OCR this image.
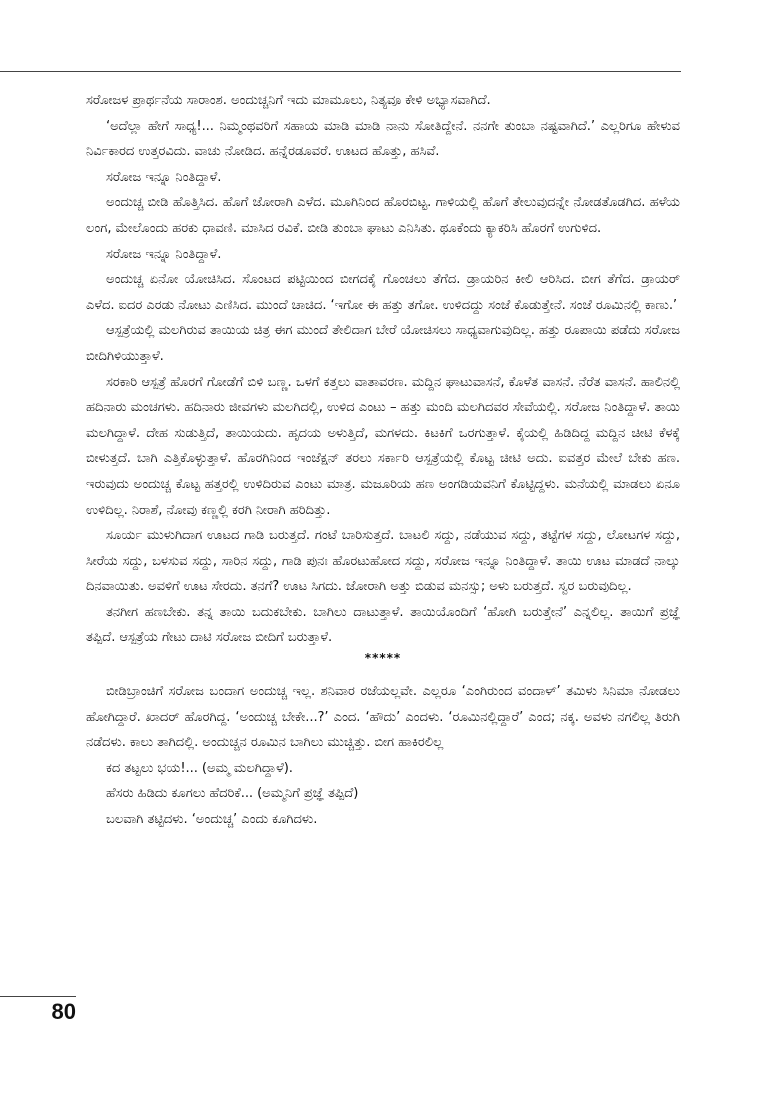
ಸರೋಜಳ ಪ್ರಾರ್ಥನೆಯ ಸಾರಾಂಶ. ಅಂದುಚ್ಚನಿಗೆ ಇದು ಮಾಮೂಲು, ನಿತ್ಯವೂ ಕೇಳಿ ಅಭ್ಯಾಸವಾಗಿದೆ.

‘ಅದೆಲ್ಲಾ ಹೇಗೆ ಸಾಧ್ಯ!... ನಿಮ್ಮಂಥವರಿಗೆ ಸಹಾಯ ಮಾಡಿ ಮಾಡಿ ನಾನು ಸೋತಿದ್ದೇನೆ. ನನಗೇ ತುಂಬಾ ನಷ್ಟವಾಗಿದೆ.’ ಎಲ್ಲರಿಗೂ ಹೇಳುವ ನಿರ್ವಿಕಾರದ ಉತ್ತರವಿದು. ವಾಚು ನೋಡಿದ. ಹನ್ನೆರಡೂವರೆ. ಊಟದ ಹೊತ್ತು, ಹಸಿವೆ.

ಸರೋಜ ಇನ್ನೂ ನಿಂತಿದ್ದಾಳೆ.

ಅಂದುಚ್ಚ ಬೀಡಿ ಹೊತ್ತಿಸಿದ. ಹೊಗೆ ಜೋರಾಗಿ ಎಳೆದ. ಮೂಗಿನಿಂದ ಹೊರಬಿಟ್ಟ. ಗಾಳಿಯಲ್ಲಿ ಹೊಗೆ ತೇಲುವುದನ್ನೇ ನೋಡತೊಡಗಿದ. ಹಳೆಯ ಲಂಗ, ಮೇಲೊಂದು ಹರಕು ಧಾವಣಿ. ಮಾಸಿದ ರವಿಕೆ. ಬೀಡಿ ತುಂಬಾ ಘಾಟು ಎನಿಸಿತು. ಥೂಕೆಂದು ಕ್ಯಾಕರಿಸಿ ಹೊರಗೆ ಉಗುಳಿದ.

ಸರೋಜ ಇನ್ನೂ ನಿಂತಿದ್ದಾಳೆ.

ಅಂದುಚ್ಚ ಏನೋ ಯೋಚಿಸಿದ. ಸೊಂಟದ ಪಟ್ಟಿಯಿಂದ ಬೀಗದಕೈ ಗೊಂಚಲು ತೆಗೆದ. ಡ್ರಾಯರಿನ ಕೀಲಿ ಆರಿಸಿದ. ಬೀಗ ತೆಗೆದ. ಡ್ರಾಯರ್ ಎಳೆದ. ಐದರ ಎರಡು ನೋಟು ಎಣಿಸಿದ. ಮುಂದೆ ಚಾಚಿದ. ‘ಇಗೋ ಈ ಹತ್ತು ತಗೋ. ಉಳಿದದ್ದು ಸಂಜೆ ಕೊಡುತ್ತೇನೆ. ಸಂಜೆ ರೂಮಿನಲ್ಲಿ ಕಾಣು.’

ಆಸ್ಪತ್ರೆಯಲ್ಲಿ ಮಲಗಿರುವ ತಾಯಿಯ ಚಿತ್ರ ಈಗ ಮುಂದೆ ತೇಲಿದಾಗ ಬೇರೆ ಯೋಚಿಸಲು ಸಾಧ್ಯವಾಗುವುದಿಲ್ಲ. ಹತ್ತು ರೂಪಾಯಿ ಪಡೆದು ಸರೋಜ ಬೀದಿಗಿಳಿಯುತ್ತಾಳೆ.

ಸರಕಾರಿ ಆಸ್ಪತ್ರೆ ಹೊರಗೆ ಗೋಡೆಗೆ ಬಿಳಿ ಬಣ್ಣ. ಒಳಗೆ ಕತ್ತಲು ವಾತಾವರಣ. ಮದ್ದಿನ ಘಾಟುವಾಸನೆ, ಕೊಳೆತ ವಾಸನೆ. ನೆರೆತ ವಾಸನೆ. ಹಾಲಿನಲ್ಲಿ ಹದಿನಾರು ಮಂಚಗಳು. ಹದಿನಾರು ಜೀವಗಳು ಮಲಗಿದಲ್ಲಿ, ಉಳಿದ ಎಂಟು – ಹತ್ತು ಮಂದಿ ಮಲಗಿದವರ ಸೇವೆಯಲ್ಲಿ. ಸರೋಜ ನಿಂತಿದ್ದಾಳೆ. ತಾಯಿ ಮಲಗಿದ್ದಾಳೆ. ದೇಹ ಸುಡುತ್ತಿದೆ, ತಾಯಿಯದು. ಹೃದಯ ಅಳುತ್ತಿದೆ, ಮಗಳದು. ಕಿಟಕಿಗೆ ಒರಗುತ್ತಾಳೆ. ಕೈಯಲ್ಲಿ ಹಿಡಿದಿದ್ದ ಮದ್ದಿನ ಚೀಟಿ ಕೆಳಕ್ಕೆ ಬೀಳುತ್ತದೆ. ಬಾಗಿ ಎತ್ತಿಕೊಳ್ಳುತ್ತಾಳೆ. ಹೊರಗಿನಿಂದ ಇಂಜೆಕ್ಷನ್ ತರಲು ಸರ್ಕಾರಿ ಆಸ್ಪತ್ರೆಯಲ್ಲಿ ಕೊಟ್ಟ ಚೀಟಿ ಅದು. ಐವತ್ತರ ಮೇಲೆ ಬೇಕು ಹಣ. ಇರುವುದು ಅಂದುಚ್ಚ ಕೊಟ್ಟ ಹತ್ತರಲ್ಲಿ ಉಳಿದಿರುವ ಎಂಟು ಮಾತ್ರ. ಮಜೂರಿಯ ಹಣ ಅಂಗಡಿಯವನಿಗೆ ಕೊಟ್ಟಿದ್ದಳು. ಮನೆಯಲ್ಲಿ ಮಾಡಲು ಏನೂ ಉಳಿದಿಲ್ಲ. ನಿರಾಶೆ, ನೋವು ಕಣ್ಣಲ್ಲಿ ಕರಗಿ ನೀರಾಗಿ ಹರಿದಿತ್ತು.

ಸೂರ್ಯ ಮುಳುಗಿದಾಗ ಊಟದ ಗಾಡಿ ಬರುತ್ತದೆ. ಗಂಟೆ ಬಾರಿಸುತ್ತದೆ. ಬಾಟಲಿ ಸದ್ದು, ನಡೆಯುವ ಸದ್ದು, ತಟ್ಟೆಗಳ ಸದ್ದು, ಲೋಟಗಳ ಸದ್ದು, ಸೀರೆಯ ಸದ್ದು, ಬಳಸುವ ಸದ್ದು, ಸಾರಿನ ಸದ್ದು, ಗಾಡಿ ಪುನಃ ಹೊರಟುಹೋದ ಸದ್ದು, ಸರೋಜ ಇನ್ನೂ ನಿಂತಿದ್ದಾಳೆ. ತಾಯಿ ಊಟ ಮಾಡದೆ ನಾಲ್ಕು ದಿನವಾಯಿತು. ಅವಳಿಗೆ ಊಟ ಸೇರದು. ತನಗೆ? ಊಟ ಸಿಗದು. ಜೋರಾಗಿ ಅತ್ತು ಬಿಡುವ ಮನಸ್ಸು; ಅಳು ಬರುತ್ತದೆ. ಸ್ವರ ಬರುವುದಿಲ್ಲ.

ತನಗೀಗ ಹಣಬೇಕು. ತನ್ನ ತಾಯಿ ಬದುಕಬೇಕು. ಬಾಗಿಲು ದಾಟುತ್ತಾಳೆ. ತಾಯಿಯೊಂದಿಗೆ ‘ಹೋಗಿ ಬರುತ್ತೇನೆ’ ಎನ್ನಲಿಲ್ಲ. ತಾಯಿಗೆ ಪ್ರಜ್ಞೆ ತಪ್ಪಿದೆ. ಆಸ್ಪತ್ರೆಯ ಗೇಟು ದಾಟಿ ಸರೋಜ ಬೀದಿಗೆ ಬರುತ್ತಾಳೆ.

*****

ಬೀಡಿಬ್ರಾಂಚಿಗೆ ಸರೋಜ ಬಂದಾಗ ಅಂದುಚ್ಚ ಇಲ್ಲ. ಶನಿವಾರ ರಜೆಯಲ್ಲವೇ. ಎಲ್ಲರೂ ‘ಎಂಗಿರುಂದ ವಂದಾಳ್’ ತಮಿಳು ಸಿನಿಮಾ ನೋಡಲು ಹೋಗಿದ್ದಾರೆ. ಖಾದರ್ ಹೊರಗಿದ್ದ. ‘ಅಂದುಚ್ಚ ಬೇಕೇ...?’ ಎಂದ. ‘ಹೌದು’ ಎಂದಳು. ‘ರೂಮಿನಲ್ಲಿದ್ದಾರೆ’ ಎಂದ; ನಕ್ಕ. ಅವಳು ನಗಲಿಲ್ಲ ತಿರುಗಿ ನಡೆದಳು. ಕಾಲು ತಾಗಿದಲ್ಲಿ. ಅಂದುಚ್ಚನ ರೂಮಿನ ಬಾಗಿಲು ಮುಚ್ಚಿತ್ತು. ಬೀಗ ಹಾಕಿರಲಿಲ್ಲ

ಕದ ತಟ್ಟಲು ಭಯ!... (ಅಮ್ಮ ಮಲಗಿದ್ದಾಳೆ).

ಹೆಸರು ಹಿಡಿದು ಕೂಗಲು ಹೆದರಿಕೆ... (ಅಮ್ಮನಿಗೆ ಪ್ರಜ್ಞೆ ತಪ್ಪಿದೆ)

ಬಲವಾಗಿ ತಟ್ಟಿದಳು. ‘ಅಂದುಚ್ಚ’ ಎಂದು ಕೂಗಿದಳು.

80
